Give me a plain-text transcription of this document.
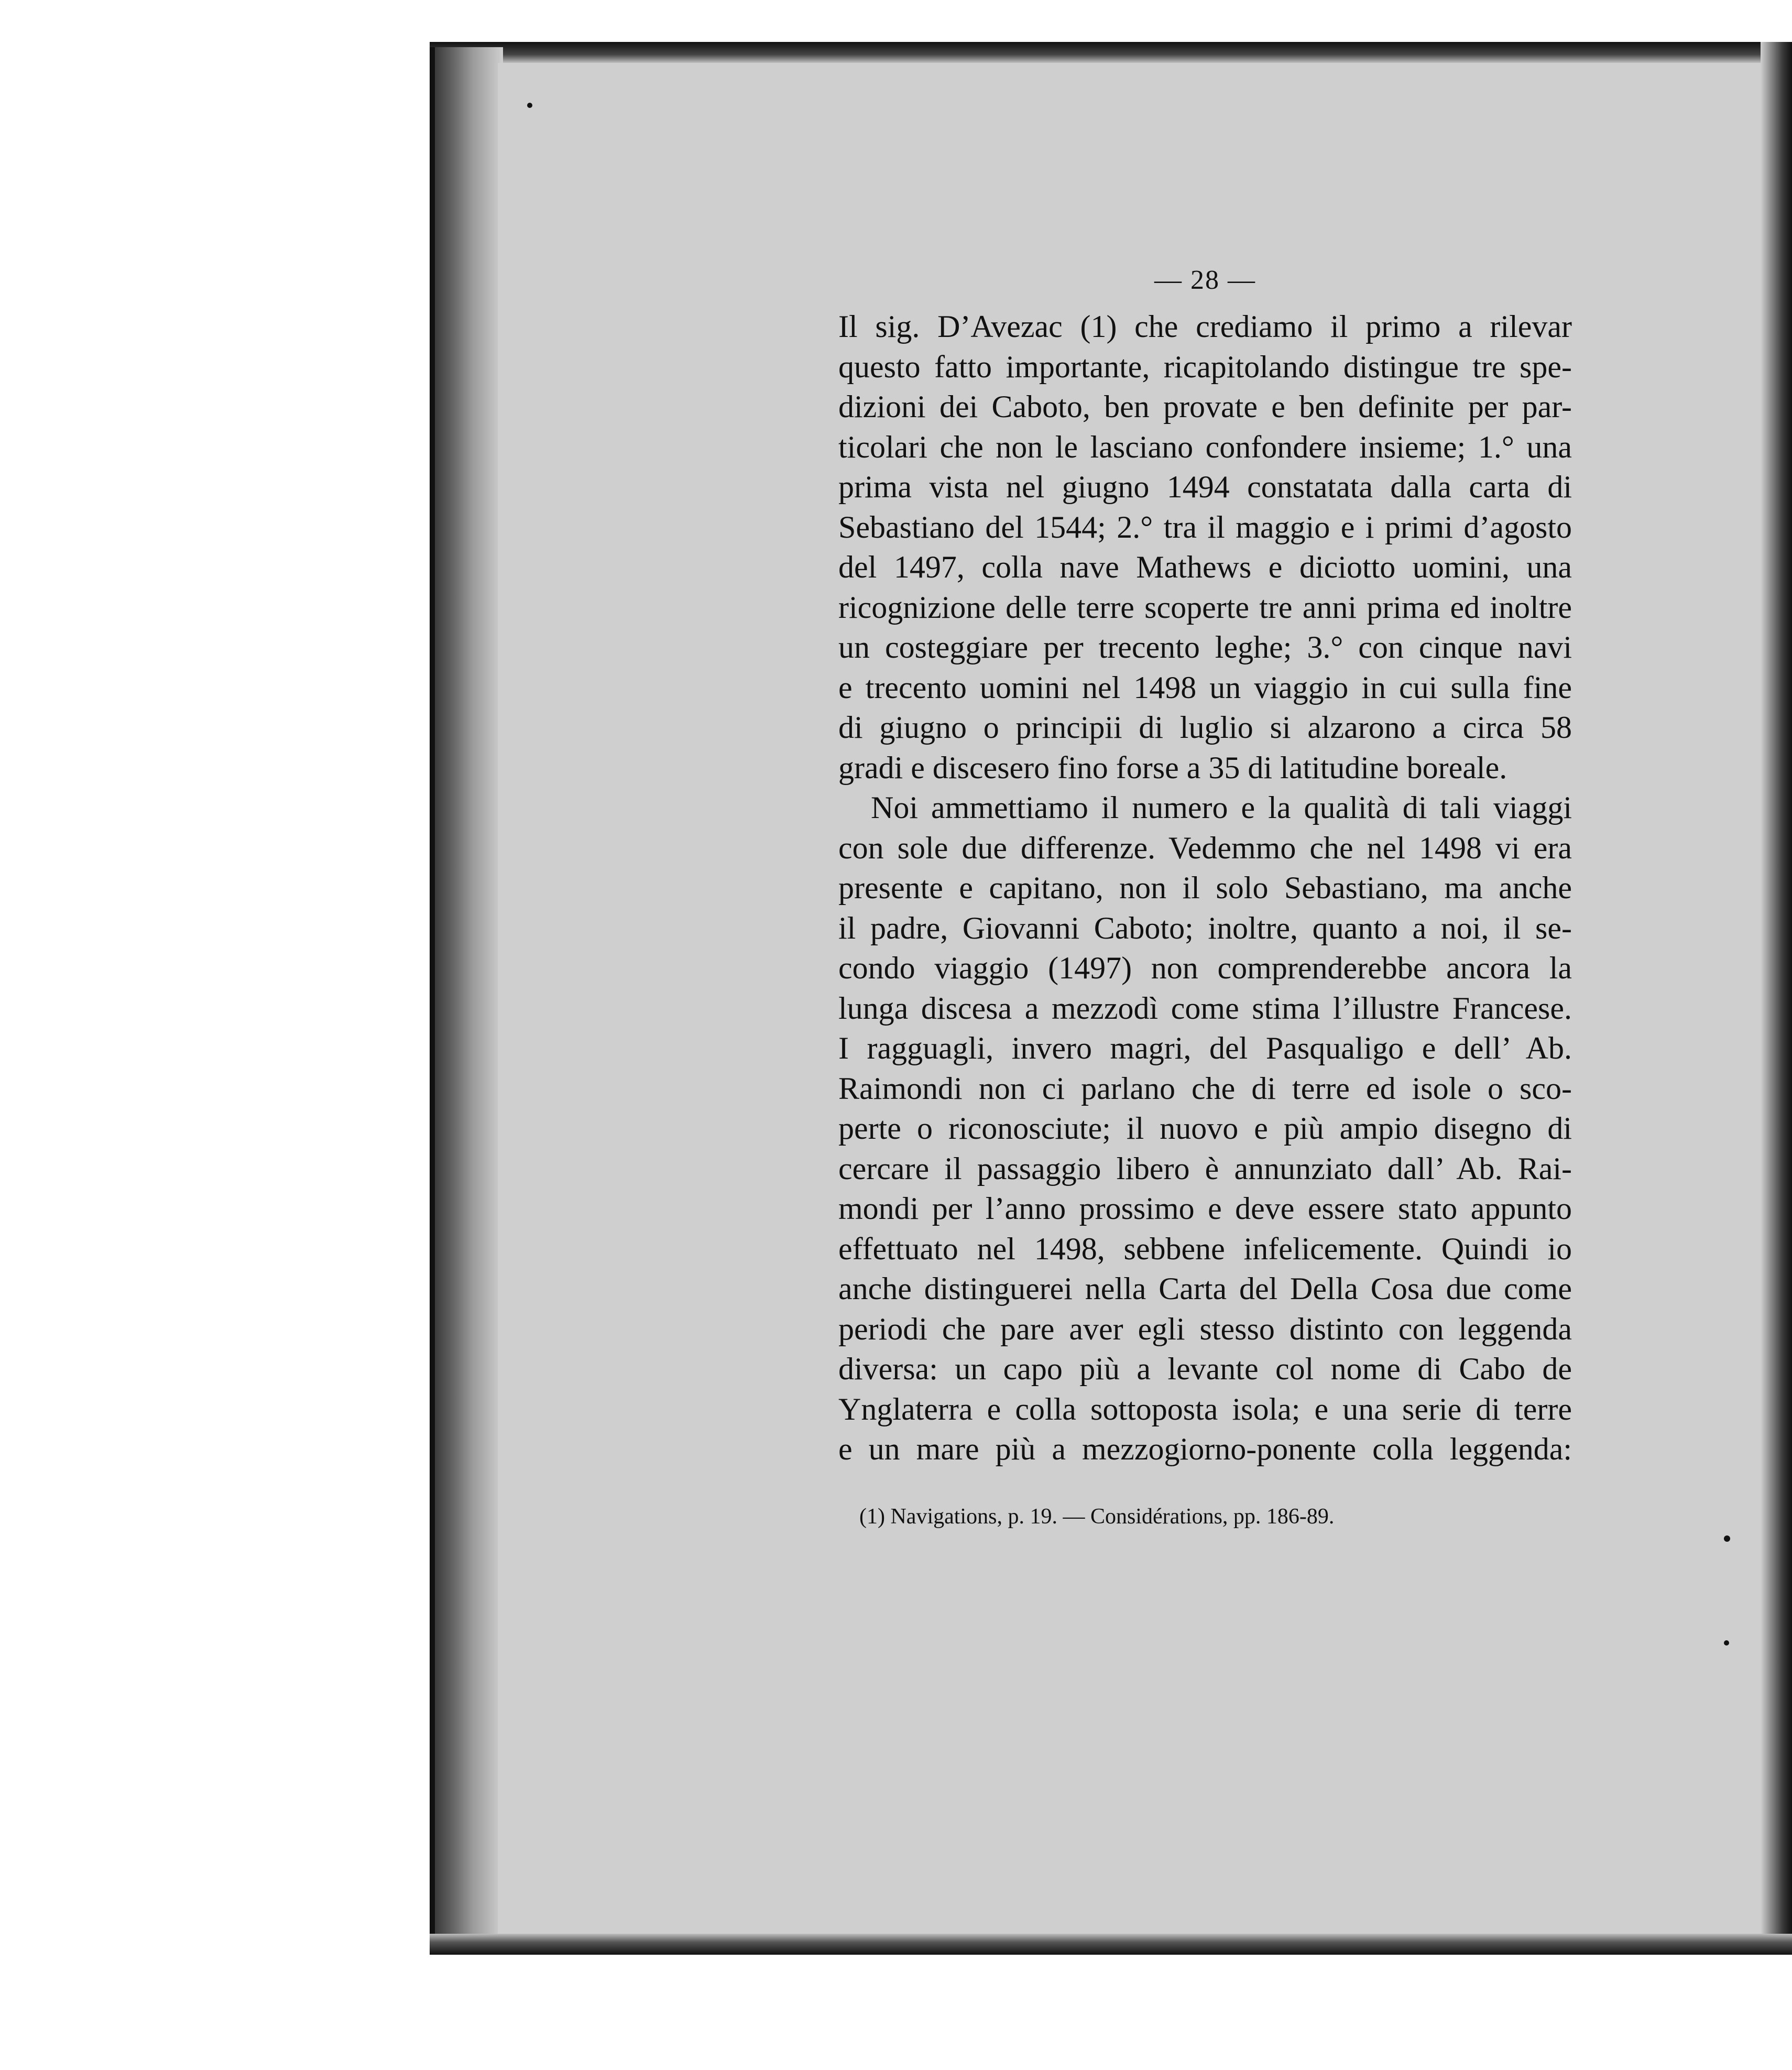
— 28 —
Il sig. D’Avezac (1) che crediamo il primo a rilevar
questo fatto importante, ricapitolando distingue tre spe-
dizioni dei Caboto, ben provate e ben definite per par-
ticolari che non le lasciano confondere insieme; 1.° una
prima vista nel giugno 1494 constatata dalla carta di
Sebastiano del 1544; 2.° tra il maggio e i primi d’agosto
del 1497, colla nave Mathews e diciotto uomini, una
ricognizione delle terre scoperte tre anni prima ed inoltre
un costeggiare per trecento leghe; 3.° con cinque navi
e trecento uomini nel 1498 un viaggio in cui sulla fine
di giugno o principii di luglio si alzarono a circa 58
gradi e discesero fino forse a 35 di latitudine boreale.
Noi ammettiamo il numero e la qualità di tali viaggi
con sole due differenze. Vedemmo che nel 1498 vi era
presente e capitano, non il solo Sebastiano, ma anche
il padre, Giovanni Caboto; inoltre, quanto a noi, il se-
condo viaggio (1497) non comprenderebbe ancora la
lunga discesa a mezzodì come stima l’illustre Francese.
I ragguagli, invero magri, del Pasqualigo e dell’ Ab.
Raimondi non ci parlano che di terre ed isole o sco-
perte o riconosciute; il nuovo e più ampio disegno di
cercare il passaggio libero è annunziato dall’ Ab. Rai-
mondi per l’anno prossimo e deve essere stato appunto
effettuato nel 1498, sebbene infelicemente. Quindi io
anche distinguerei nella Carta del Della Cosa due come
periodi che pare aver egli stesso distinto con leggenda
diversa: un capo più a levante col nome di Cabo de
Ynglaterra e colla sottoposta isola; e una serie di terre
e un mare più a mezzogiorno-ponente colla leggenda:
(1) Navigations, p. 19. — Considérations, pp. 186-89.
